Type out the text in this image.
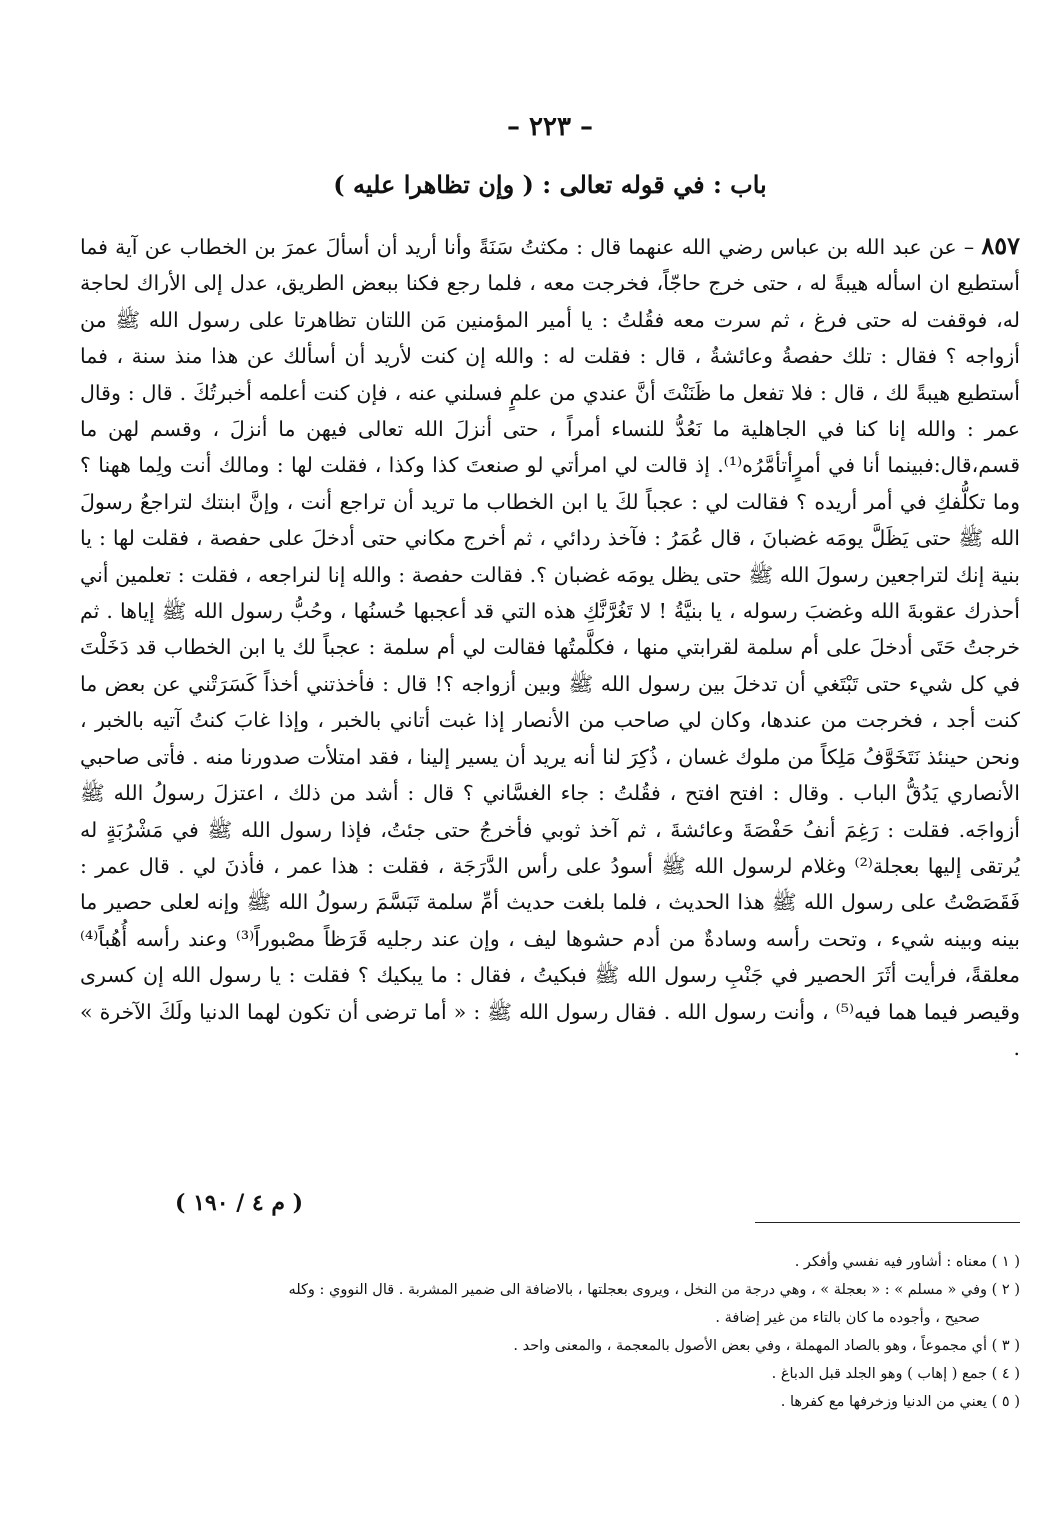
– ٢٢٣ –
باب : في قوله تعالى : ( وإن تظاهرا عليه )

٨٥٧ – عن عبد الله بن عباس رضي الله عنهما قال : مكثتُ سَنَةً وأنا أريد أن أسألَ عمرَ بن الخطاب عن آية فما أستطيع ان اسأله هيبةً له ، حتى خرج حاجّاً، فخرجت معه ، فلما رجع فكنا ببعض الطريق، عدل إلى الأراك لحاجة له، فوقفت له حتى فرغ ، ثم سرت معه فقُلتُ : يا أمير المؤمنين مَن اللتان تظاهرتا على رسول الله ﷺ من أزواجه ؟ فقال : تلك حفصةُ وعائشةُ ، قال : فقلت له : والله إن كنت لأريد أن أسألك عن هذا منذ سنة ، فما أستطيع هيبةً لك ، قال : فلا تفعل ما ظَنَنْتَ أنَّ عندي من علمٍ فسلني عنه ، فإن كنت أعلمه أخبرتُكَ . قال : وقال عمر : والله إنا كنا في الجاهلية ما نَعُدُّ للنساء أمراً ، حتى أنزلَ الله تعالى فيهن ما أنزلَ ، وقسم لهن ما قسم،قال:فبينما أنا في أمرٍأتأمَّرُه⁽¹⁾. إذ قالت لي امرأتي لو صنعتَ كذا وكذا ، فقلت لها : ومالك أنت ولِما ههنا ؟ وما تكلُّفكِ في أمر أريده ؟ فقالت لي : عجباً لكَ يا ابن الخطاب ما تريد أن تراجع أنت ، وإنَّ ابنتك لتراجعُ رسولَ الله ﷺ حتى يَظَلَّ يومَه غضبانَ ، قال عُمَرُ : فآخذ ردائي ، ثم أخرج مكاني حتى أدخلَ على حفصة ، فقلت لها : يا بنية إنك لتراجعين رسولَ الله ﷺ حتى يظل يومَه غضبان ؟. فقالت حفصة : والله إنا لنراجعه ، فقلت : تعلمين أني أحذرك عقوبةَ الله وغضبَ رسوله ، يا بنيَّةُ ! لا تَغُرَّنَّكِ هذه التي قد أعجبها حُسنُها ، وحُبُّ رسول الله ﷺ إياها . ثم خرجتُ حَتَى أدخلَ على أم سلمة لقرابتي منها ، فكلَّمتُها فقالت لي أم سلمة : عجباً لك يا ابن الخطاب قد دَخَلْتَ في كل شيء حتى تَبْتَغي أن تدخلَ بين رسول الله ﷺ وبين أزواجه ؟! قال : فأخذتني أخذاً كَسَرَتْني عن بعض ما كنت أجد ، فخرجت من عندها، وكان لي صاحب من الأنصار إذا غبت أتاني بالخبر ، وإذا غابَ كنتُ آتيه بالخبر ، ونحن حينئذ نَتَخَوَّفُ مَلِكاً من ملوك غسان ، ذُكِرَ لنا أنه يريد أن يسير إلينا ، فقد امتلأت صدورنا منه . فأتى صاحبي الأنصاري يَدُقُّ الباب . وقال : افتح افتح ، فقُلتُ : جاء الغسَّاني ؟ قال : أشد من ذلك ، اعتزلَ رسولُ الله ﷺ أزواجَه. فقلت : رَغِمَ أنفُ حَفْصَةَ وعائشةَ ، ثم آخذ ثوبي فأخرجُ حتى جئتُ، فإذا رسول الله ﷺ في مَشْرُبَةٍ له يُرتقى إليها بعجلة⁽²⁾ وغلام لرسول الله ﷺ أسودُ على رأس الدَّرَجَة ، فقلت : هذا عمر ، فأذنَ لي . قال عمر : فَقَصَصْتُ على رسول الله ﷺ هذا الحديث ، فلما بلغت حديث أمِّ سلمة تَبَسَّمَ رسولُ الله ﷺ وإنه لعلى حصير ما بينه وبينه شيء ، وتحت رأسه وسادةٌ من أدم حشوها ليف ، وإن عند رجليه قَرَظاً مصْبوراً⁽³⁾ وعند رأسه أُهُباً⁽⁴⁾ معلقةً، فرأيت أثَرَ الحصير في جَنْبِ رسول الله ﷺ فبكيتُ ، فقال : ما يبكيك ؟ فقلت : يا رسول الله إن كسرى وقيصر فيما هما فيه⁽⁵⁾ ، وأنت رسول الله . فقال رسول الله ﷺ : « أما ترضى أن تكون لهما الدنيا ولَكَ الآخرة » .

( م ٤ / ١٩٠ )

( ١ ) معناه : أشاور فيه نفسي وأفكر .

( ٢ ) وفي « مسلم » : « بعجلة » ، وهي درجة من النخل ، ويروى بعجلتها ، بالاضافة الى ضمير المشربة . قال النووي : وكله

صحيح ، وأجوده ما كان بالتاء من غير إضافة .

( ٣ ) أي مجموعاً ، وهو بالصاد المهملة ، وفي بعض الأصول بالمعجمة ، والمعنى واحد .

( ٤ ) جمع ( إهاب ) وهو الجلد قبل الدباغ .

( ٥ ) يعني من الدنيا وزخرفها مع كفرها .
